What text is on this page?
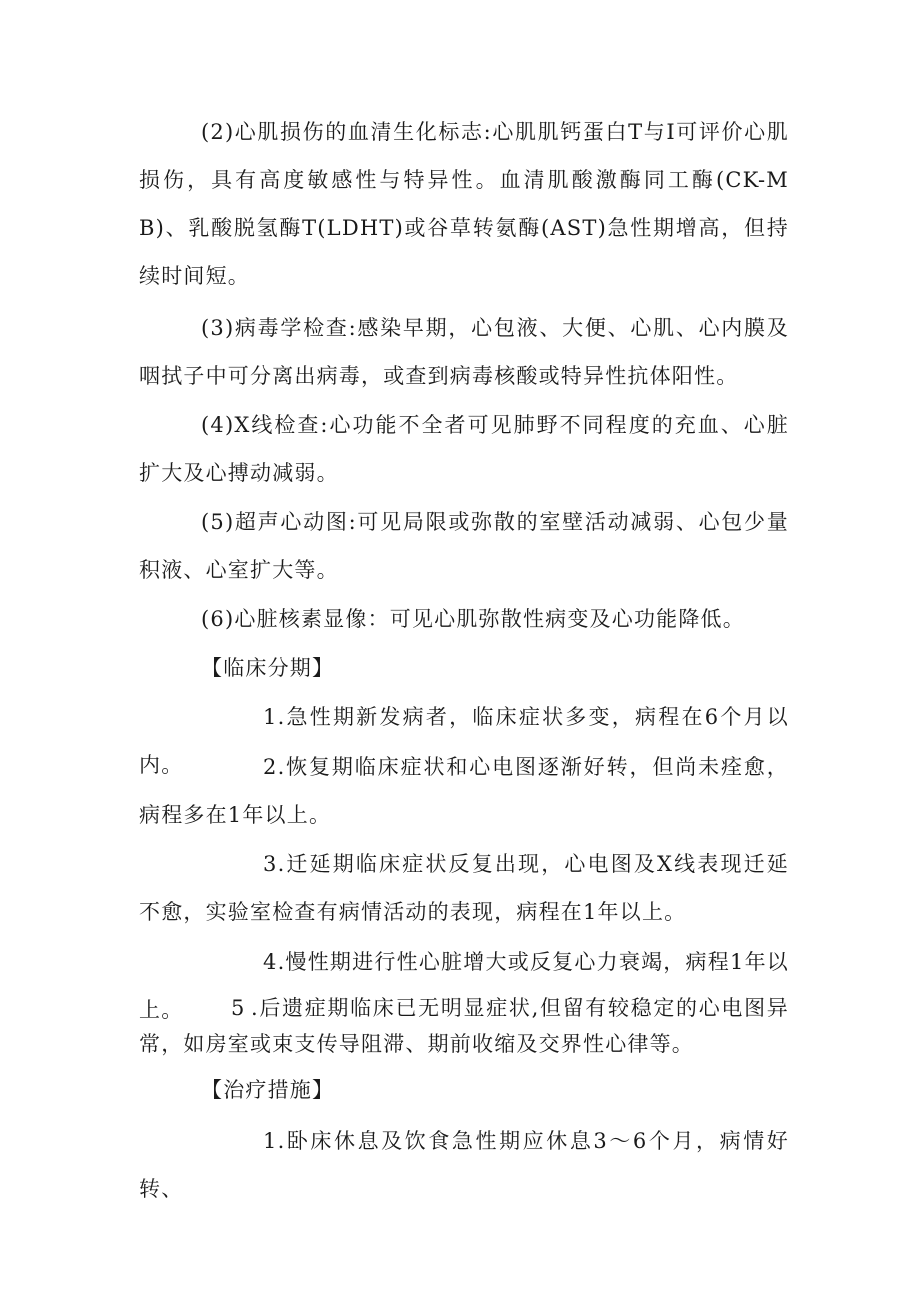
(2)心肌损伤的血清生化标志:心肌肌钙蛋白T与I可评价心肌损伤，具有高度敏感性与特异性。血清肌酸激酶同工酶(CK-MB)、乳酸脱氢酶T(LDHT)或谷草转氨酶(AST)急性期增高，但持续时间短。

(3)病毒学检查:感染早期，心包液、大便、心肌、心内膜及咽拭子中可分离出病毒，或查到病毒核酸或特异性抗体阳性。

(4)X线检查:心功能不全者可见肺野不同程度的充血、心脏扩大及心搏动减弱。

(5)超声心动图:可见局限或弥散的室壁活动减弱、心包少量积液、心室扩大等。

(6)心脏核素显像：可见心肌弥散性病变及心功能降低。

【临床分期】

1.急性期新发病者，临床症状多变，病程在6个月以内。	2.恢复期临床症状和心电图逐渐好转，但尚未痊愈，病程多在1年以上。

3.迁延期临床症状反复出现，心电图及X线表现迁延不愈，实验室检查有病情活动的表现，病程在1年以上。

4.慢性期进行性心脏增大或反复心力衰竭，病程1年以上。	5 .后遗症期临床已无明显症状,但留有较稳定的心电图异常，如房室或束支传导阻滞、期前收缩及交界性心律等。

【治疗措施】

1.卧床休息及饮食急性期应休息3～6个月，病情好转、
